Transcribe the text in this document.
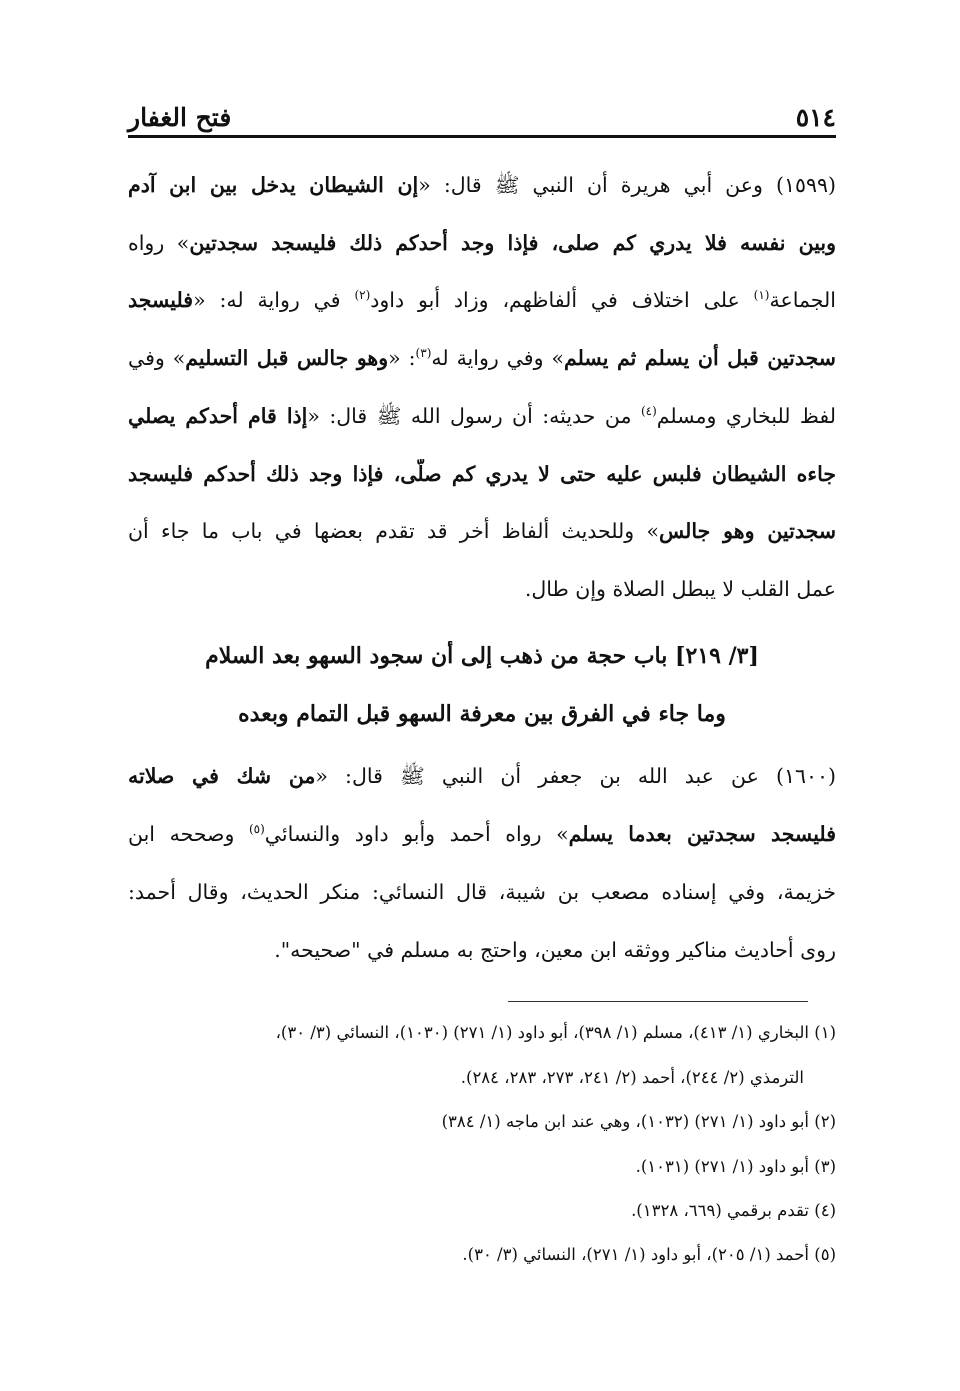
فتح الغفار	٥١٤
(١٥٩٩) وعن أبي هريرة أن النبي ﷺ قال: «إن الشيطان يدخل بين ابن آدم
وبين نفسه فلا يدري كم صلى، فإذا وجد أحدكم ذلك فليسجد سجدتين» رواه
الجماعة$^{(١)}$ على اختلاف في ألفاظهم، وزاد أبو داود$^{(٢)}$ في رواية له: «فليسجد
سجدتين قبل أن يسلم ثم يسلم» وفي رواية له$^{(٣)}$: «وهو جالس قبل التسليم» وفي
لفظ للبخاري ومسلم$^{(٤)}$ من حديثه: أن رسول الله ﷺ قال: «إذا قام أحدكم يصلي
جاءه الشيطان فلبس عليه حتى لا يدري كم صلَّى، فإذا وجد ذلك أحدكم فليسجد
سجدتين وهو جالس» وللحديث ألفاظ أخر قد تقدم بعضها في باب ما جاء أن
عمل القلب لا يبطل الصلاة وإن طال.
[٣/ ٢١٩] باب حجة من ذهب إلى أن سجود السهو بعد السلام
وما جاء في الفرق بين معرفة السهو قبل التمام وبعده
(١٦٠٠) عن عبد الله بن جعفر أن النبي ﷺ قال: «من شك في صلاته
فليسجد سجدتين بعدما يسلم» رواه أحمد وأبو داود والنسائي$^{(٥)}$ وصححه ابن
خزيمة، وفي إسناده مصعب بن شيبة، قال النسائي: منكر الحديث، وقال أحمد:
روى أحاديث مناكير ووثقه ابن معين، واحتج به مسلم في "صحيحه".
(١) البخاري (١/ ٤١٣)، مسلم (١/ ٣٩٨)، أبو داود (١/ ٢٧١) (١٠٣٠)، النسائي (٣/ ٣٠)،
الترمذي (٢/ ٢٤٤)، أحمد (٢/ ٢٤١، ٢٧٣، ٢٨٣، ٢٨٤).
(٢) أبو داود (١/ ٢٧١) (١٠٣٢)، وهي عند ابن ماجه (١/ ٣٨٤)
(٣) أبو داود (١/ ٢٧١) (١٠٣١).
(٤) تقدم برقمي (٦٦٩، ١٣٢٨).
(٥) أحمد (١/ ٢٠٥)، أبو داود (١/ ٢٧١)، النسائي (٣/ ٣٠).
